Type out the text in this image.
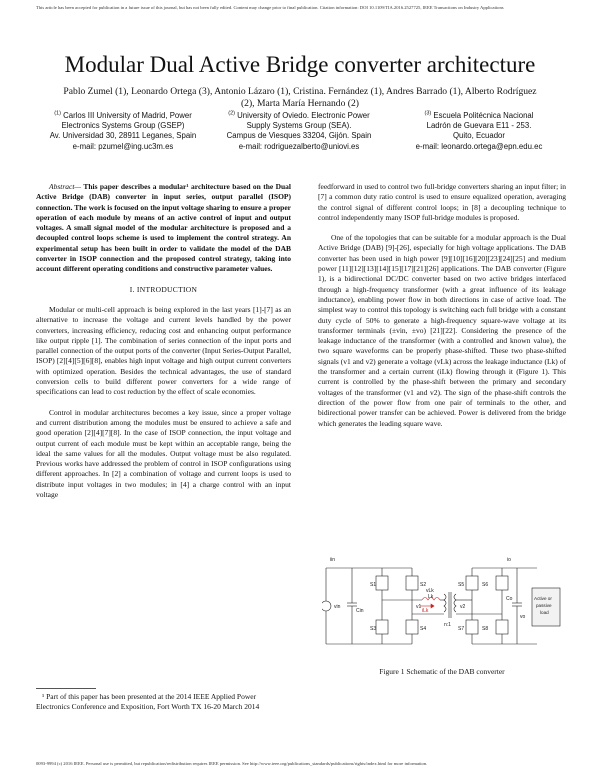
This article has been accepted for publication in a future issue of this journal, but has not been fully edited. Content may change prior to final publication. Citation information: DOI 10.1109/TIA.2016.2527725, IEEE Transactions on Industry Applications
Modular Dual Active Bridge converter architecture
Pablo Zumel (1), Leonardo Ortega (3), Antonio Lázaro (1), Cristina. Fernández (1), Andres Barrado (1), Alberto Rodríguez (2), Marta María Hernando (2)
$^{(1)}$ Carlos III University of Madrid, Power
Electronics Systems Group (GSEP)
Av. Universidad 30, 28911 Leganes, Spain
e-mail: pzumel@ing.uc3m.es
$^{(2)}$ University of Oviedo. Electronic Power
Supply Systems Group (SEA).
Campus de Viesques 33204, Gijón. Spain
e-mail: rodriguezalberto@uniovi.es
$^{(3)}$ Escuela Politécnica Nacional
Ladrón de Guevara E11 - 253.
Quito, Ecuador
e-mail: leonardo.ortega@epn.edu.ec

Abstract— This paper describes a modular¹ architecture based on the Dual Active Bridge (DAB) converter in input series, output parallel (ISOP) connection. The work is focused on the input voltage sharing to ensure a proper operation of each module by means of an active control of input and output voltages. A small signal model of the modular architecture is proposed and a decoupled control loops scheme is used to implement the control strategy. An experimental setup has been built in order to validate the model of the DAB converter in ISOP connection and the proposed control strategy, taking into account different operating conditions and constructive parameter values.

I. INTRODUCTION

Modular or multi-cell approach is being explored in the last years [1]-[7] as an alternative to increase the voltage and current levels handled by the power converters, increasing efficiency, reducing cost and enhancing output performance like output ripple [1]. The combination of series connection of the input ports and parallel connection of the output ports of the converter (Input Series-Output Parallel, ISOP) [2][4][5][6][8], enables high input voltage and high output current converters with optimized operation. Besides the technical advantages, the use of standard conversion cells to build different power converters for a wide range of specifications can lead to cost reduction by the effect of scale economies.

Control in modular architectures becomes a key issue, since a proper voltage and current distribution among the modules must be ensured to achieve a safe and good operation [2][4][7][8]. In the case of ISOP connection, the input voltage and output current of each module must be kept within an acceptable range, being the ideal the same values for all the modules. Output voltage must be also regulated. Previous works have addressed the problem of control in ISOP configurations using different approaches. In [2] a combination of voltage and current loops is used to distribute input voltages in two modules; in [4] a charge control with an input voltage

¹ Part of this paper has been presented at the 2014 IEEE Applied Power Electronics Conference and Exposition, Fort Worth TX 16-20 March 2014

feedforward in used to control two full-bridge converters sharing an input filter; in [7] a common duty ratio control is used to ensure equalized operation, averaging the control signal of different control loops; in [8] a decoupling technique to control independently many ISOP full-bridge modules is proposed.

One of the topologies that can be suitable for a modular approach is the Dual Active Bridge (DAB) [9]-[26], especially for high voltage applications. The DAB converter has been used in high power [9][10][16][20][23][24][25] and medium power [11][12][13][14][15][17][21][26] applications. The DAB converter (Figure 1), is a bidirectional DC/DC converter based on two active bridges interfaced through a high-frequency transformer (with a great influence of its leakage inductance), enabling power flow in both directions in case of active load. The simplest way to control this topology is switching each full bridge with a constant duty cycle of 50% to generate a high-frequency square-wave voltage at its transformer terminals (±vin, ±vo) [21][22]. Considering the presence of the leakage inductance of the transformer (with a controlled and known value), the two square waveforms can be properly phase-shifted. These two phase-shifted signals (v1 and v2) generate a voltage (vLk) across the leakage inductance (Lk) of the transformer and a certain current (iLk) flowing through it (Figure 1). This current is controlled by the phase-shift between the primary and secondary voltages of the transformer (v1 and v2). The sign of the phase-shift controls the direction of the power flow from one pair of terminals to the other, and bidirectional power transfer can be achieved. Power is delivered from the bridge which generates the leading square wave.

iin
vin
Cin
S1	S2
S3	S4
vLk
Lk
iLk
n:1
v1	v2
S5	S6
S7	S8
io
Co
vo
Active or
passive
load
Figure 1 Schematic of the DAB converter
0093-9994 (c) 2016 IEEE. Personal use is permitted, but republication/redistribution requires IEEE permission. See http://www.ieee.org/publications_standards/publications/rights/index.html for more information.
